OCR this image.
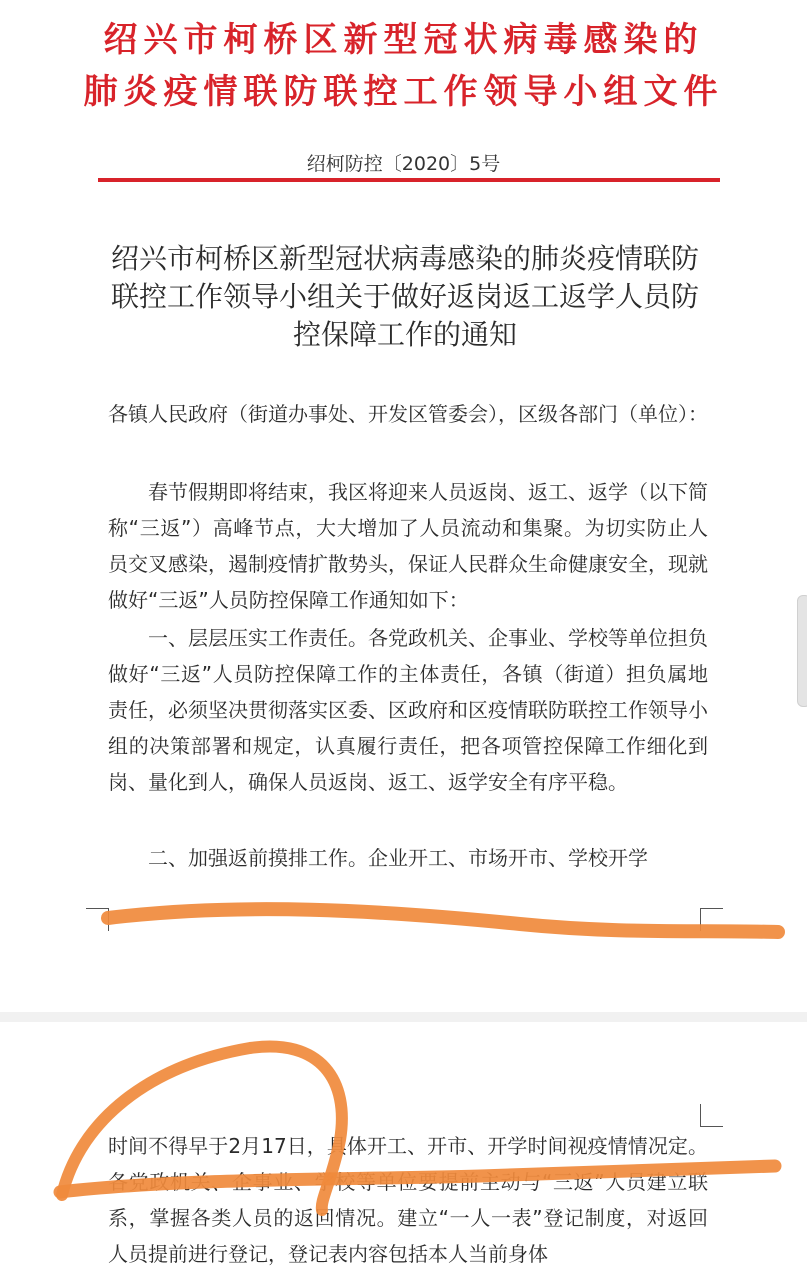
绍兴市柯桥区新型冠状病毒感染的
肺炎疫情联防联控工作领导小组文件
绍柯防控〔2020〕5号
绍兴市柯桥区新型冠状病毒感染的肺炎疫情联防联控工作领导小组关于做好返岗返工返学人员防控保障工作的通知
各镇人民政府（街道办事处、开发区管委会），区级各部门（单位）：
春节假期即将结束，我区将迎来人员返岗、返工、返学（以下简称“三返”）高峰节点，大大增加了人员流动和集聚。为切实防止人员交叉感染，遏制疫情扩散势头，保证人民群众生命健康安全，现就做好“三返”人员防控保障工作通知如下：
一、层层压实工作责任。各党政机关、企事业、学校等单位担负做好“三返”人员防控保障工作的主体责任，各镇（街道）担负属地责任，必须坚决贯彻落实区委、区政府和区疫情联防联控工作领导小组的决策部署和规定，认真履行责任，把各项管控保障工作细化到岗、量化到人，确保人员返岗、返工、返学安全有序平稳。
二、加强返前摸排工作。企业开工、市场开市、学校开学
时间不得早于2月17日，具体开工、开市、开学时间视疫情情况定。各党政机关、企事业、学校等单位要提前主动与“三返”人员建立联系，掌握各类人员的返回情况。建立“一人一表”登记制度，对返回人员提前进行登记，登记表内容包括本人当前身体
